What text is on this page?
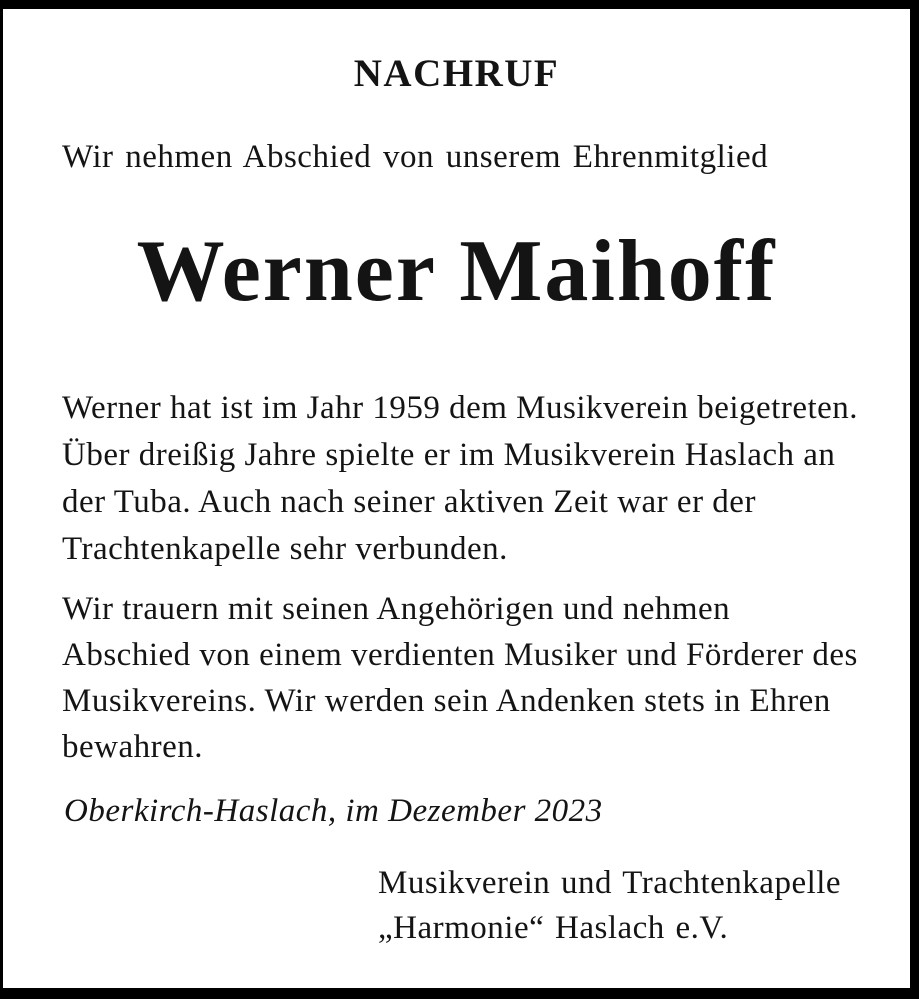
NACHRUF
Wir nehmen Abschied von unserem Ehrenmitglied
Werner Maihoff
Werner hat ist im Jahr 1959 dem Musikverein beigetreten.
Über dreißig Jahre spielte er im Musikverein Haslach an
der Tuba. Auch nach seiner aktiven Zeit war er der
Trachtenkapelle sehr verbunden.
Wir trauern mit seinen Angehörigen und nehmen
Abschied von einem verdienten Musiker und Förderer des
Musikvereins. Wir werden sein Andenken stets in Ehren
bewahren.
Oberkirch-Haslach, im Dezember 2023
Musikverein und Trachtenkapelle
„Harmonie“ Haslach e.V.
